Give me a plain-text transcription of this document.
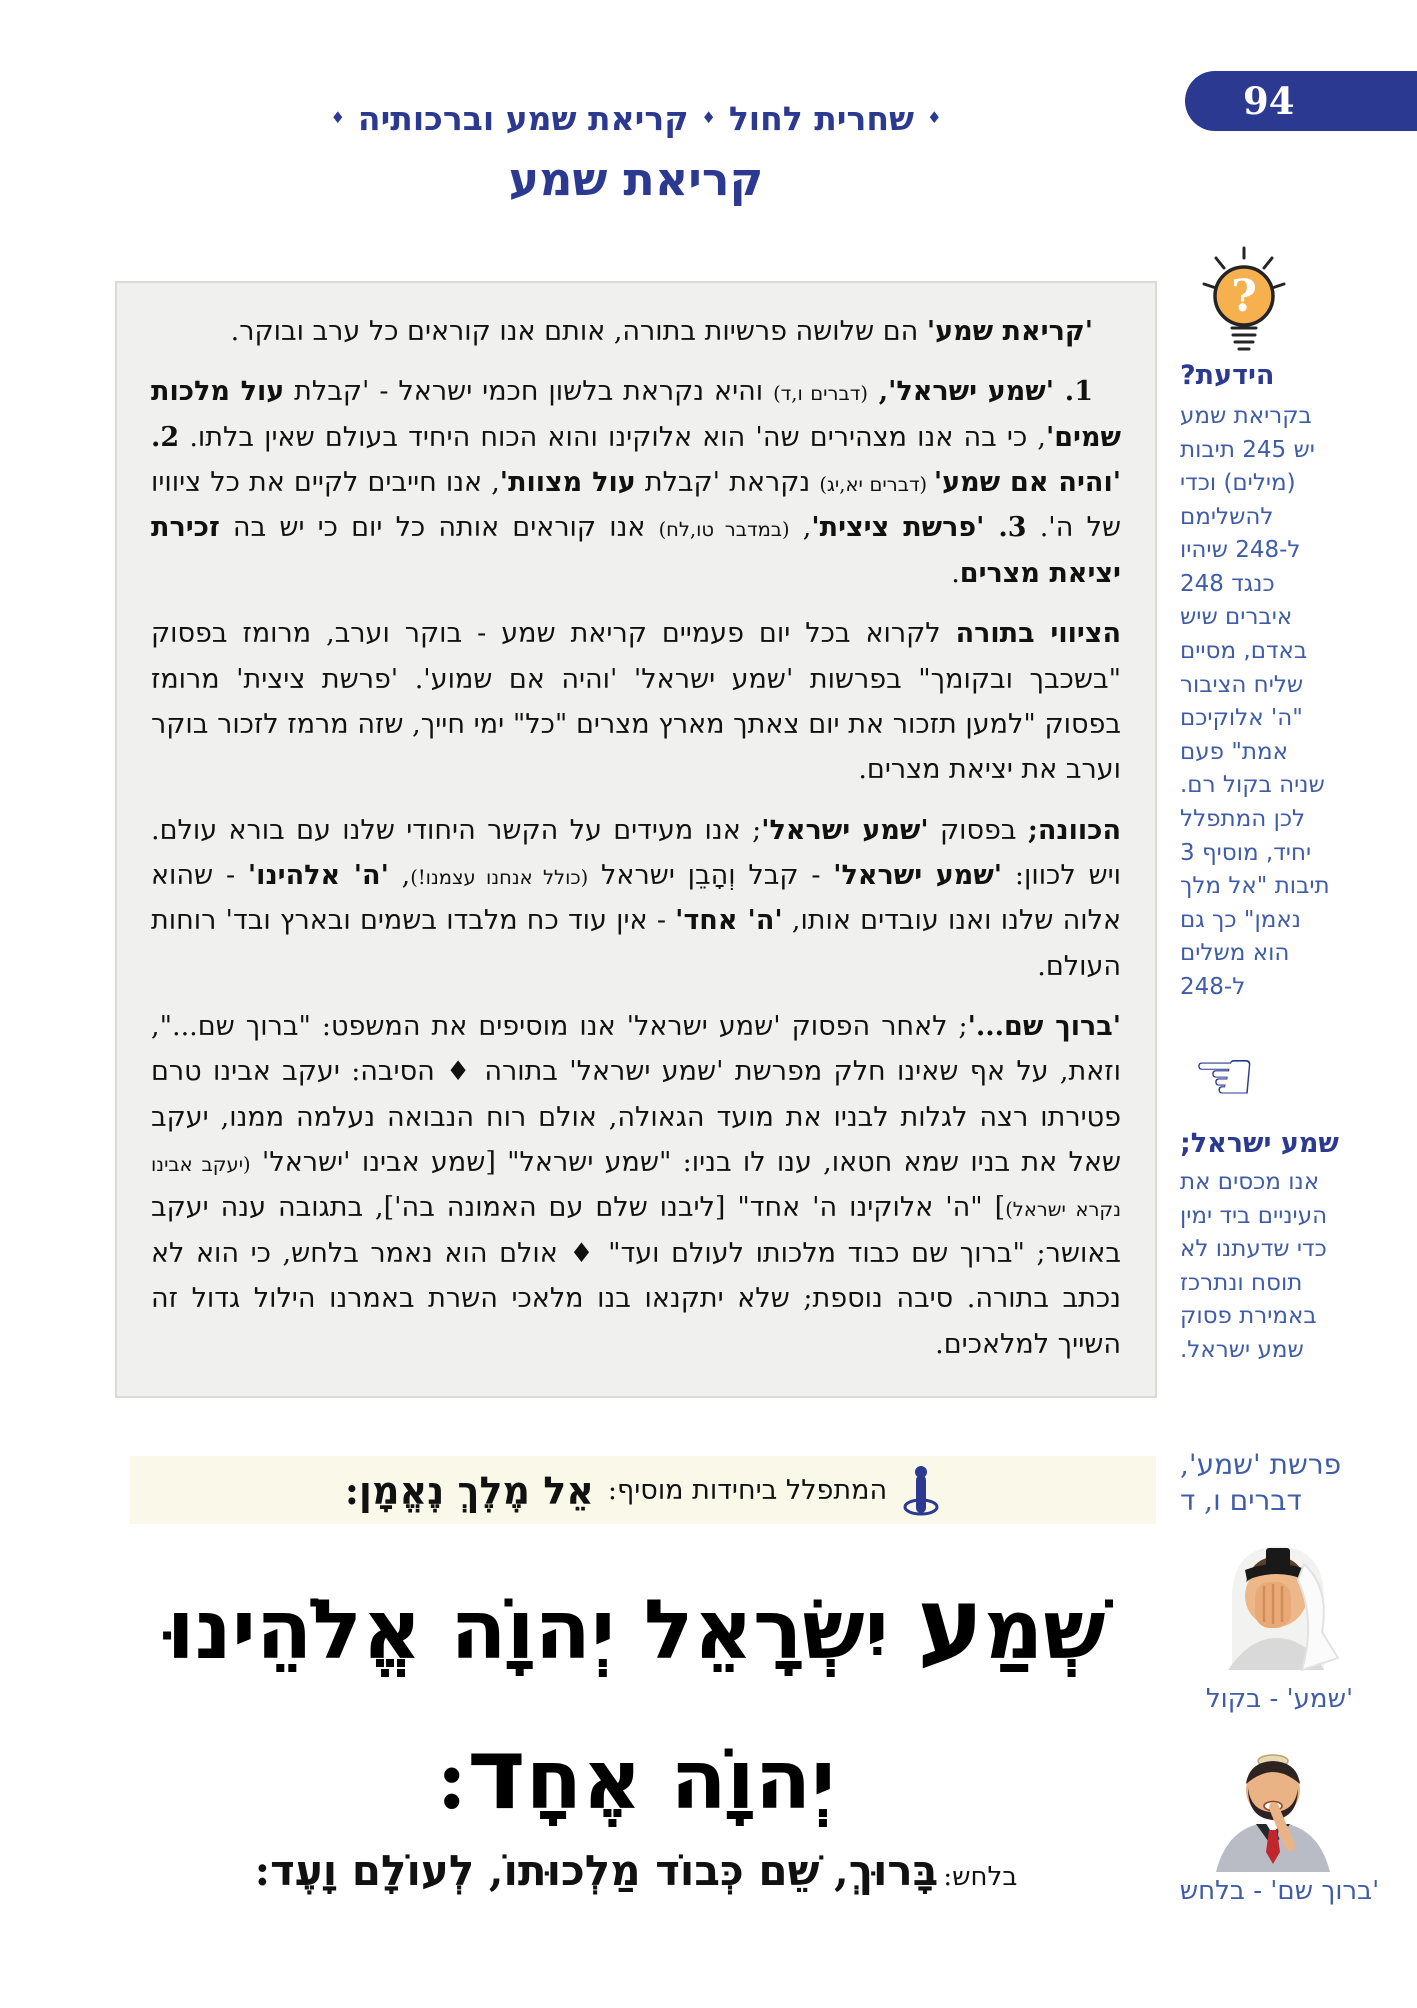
94
♦שחרית לחול♦קריאת שמע וברכותיה♦
קריאת שמע

'קריאת שמע' הם שלושה פרשיות בתורה, אותם אנו קוראים כל ערב ובוקר.

1. 'שמע ישראל', (דברים ו,ד) והיא נקראת בלשון חכמי ישראל - 'קבלת עול מלכות שמים', כי בה אנו מצהירים שה' הוא אלוקינו והוא הכוח היחיד בעולם שאין בלתו. 2. 'והיה אם שמע' (דברים יא,יג) נקראת 'קבלת עול מצוות', אנו חייבים לקיים את כל ציוויו של ה'. 3. 'פרשת ציצית', (במדבר טו,לח) אנו קוראים אותה כל יום כי יש בה זכירת יציאת מצרים.

הציווי בתורה לקרוא בכל יום פעמיים קריאת שמע - בוקר וערב, מרומז בפסוק "בשכבך ובקומך" בפרשות 'שמע ישראל' 'והיה אם שמוע'. 'פרשת ציצית' מרומז בפסוק "למען תזכור את יום צאתך מארץ מצרים "כל" ימי חייך, שזה מרמז לזכור בוקר וערב את יציאת מצרים.

הכוונה; בפסוק 'שמע ישראל'; אנו מעידים על הקשר היחודי שלנו עם בורא עולם. ויש לכוון: 'שמע ישראל' - קבל וְהָבֵן ישראל (כולל אנחנו עצמנו!), 'ה' אלהינו' - שהוא אלוה שלנו ואנו עובדים אותו, 'ה' אחד' - אין עוד כח מלבדו בשמים ובארץ ובד' רוחות העולם.

'ברוך שם...'; לאחר הפסוק 'שמע ישראל' אנו מוסיפים את המשפט: "ברוך שם...", וזאת, על אף שאינו חלק מפרשת 'שמע ישראל' בתורה ♦ הסיבה: יעקב אבינו טרם פטירתו רצה לגלות לבניו את מועד הגאולה, אולם רוח הנבואה נעלמה ממנו, יעקב שאל את בניו שמא חטאו, ענו לו בניו: "שמע ישראל" [שמע אבינו 'ישראל' (יעקב אבינו נקרא ישראל)] "ה' אלוקינו ה' אחד" [ליבנו שלם עם האמונה בה'], בתגובה ענה יעקב באושר; "ברוך שם כבוד מלכותו לעולם ועד" ♦ אולם הוא נאמר בלחש, כי הוא לא נכתב בתורה. סיבה נוספת; שלא יתקנאו בנו מלאכי השרת באמרנו הילול גדול זה השייך למלאכים.

?
הידעת?
בקריאת שמע יש 245 תיבות (מילים) וכדי להשלימם ל-248 שיהיו כנגד 248 איברים שיש באדם, מסיים שליח הציבור "ה' אלוקיכם אמת" פעם שניה בקול רם. לכן המתפלל יחיד, מוסיף 3 תיבות "אל מלך נאמן" כך גם הוא משלים ל-248
☜
שמע ישראל;
אנו מכסים את העיניים ביד ימין כדי שדעתנו לא תוסח ונתרכז באמירת פסוק שמע ישראל.
פרשת 'שמע', דברים ו, ד
'שמע' - בקול
'ברוך שם' - בלחש
המתפלל ביחידות מוסיף:
אֵל מֶלֶךְ נֶאֱמָן:
שְׁמַע יִשְׂרָאֵל יְהוָֹה אֱלֹהֵינוּ
יְהוָֹה אֶחָד:
בלחש: בָּרוּךְ, שֵׁם כְּבוֹד מַלְכוּתוֹ, לְעוֹלָם וָעֶד:
